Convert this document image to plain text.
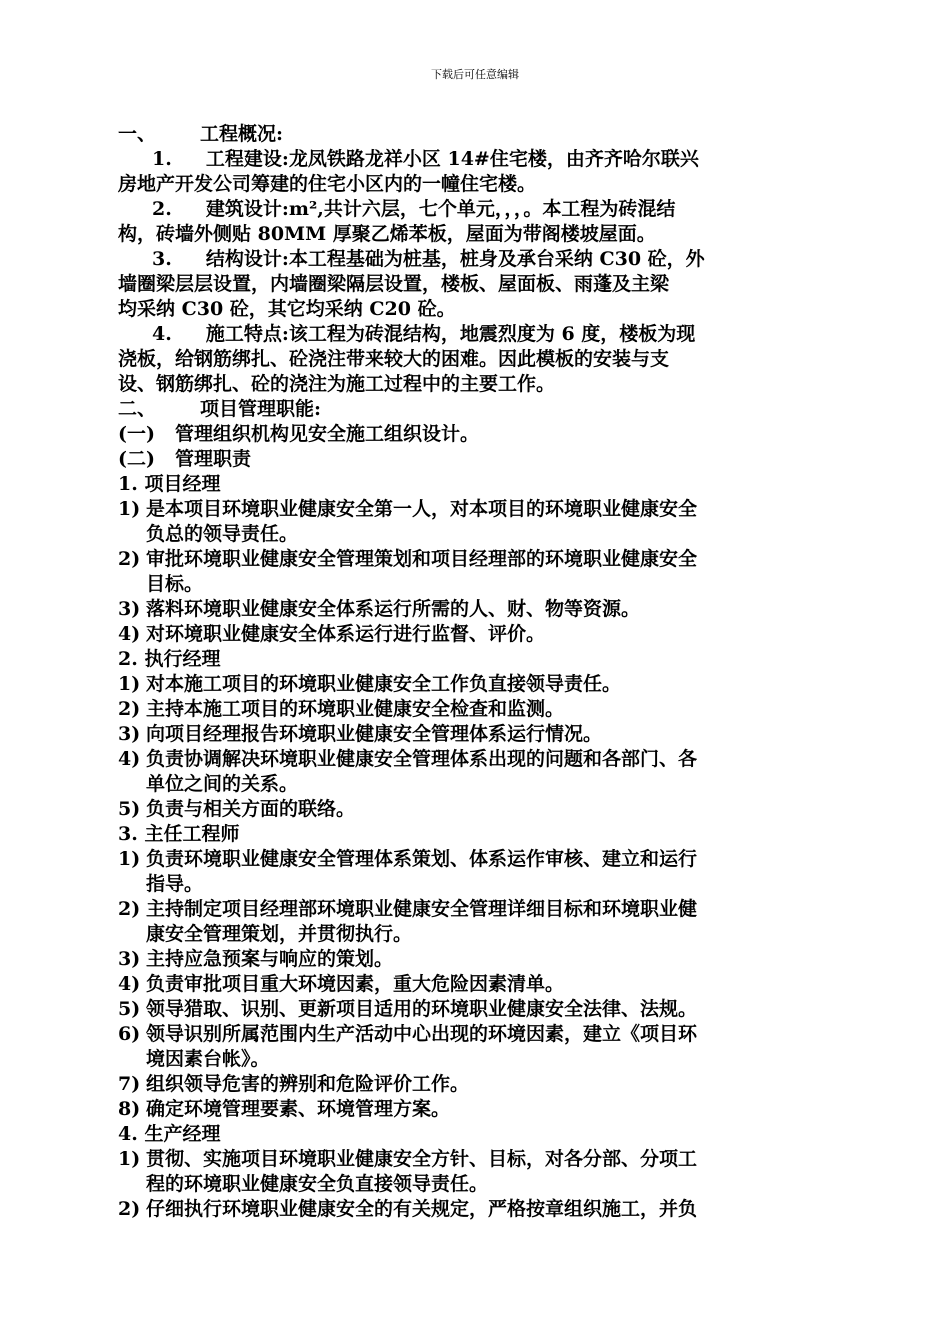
下载后可任意编辑

一、 工程概况:

1. 工程建设:龙凤铁路龙祥小区 14#住宅楼，由齐齐哈尔联兴

房地产开发公司筹建的住宅小区内的一幢住宅楼。

2. 建筑设计:m²,共计六层，七个单元，，，。本工程为砖混结

构，砖墙外侧贴 80MM 厚聚乙烯苯板，屋面为带阁楼坡屋面。

3. 结构设计:本工程基础为桩基，桩身及承台采纳 C30 砼，外

墙圈梁层层设置，内墙圈梁隔层设置，楼板、屋面板、雨蓬及主梁

均采纳 C30 砼，其它均采纳 C20 砼。

4. 施工特点:该工程为砖混结构，地震烈度为 6 度，楼板为现

浇板，给钢筋绑扎、砼浇注带来较大的困难。因此模板的安装与支

设、钢筋绑扎、砼的浇注为施工过程中的主要工作。

二、 项目管理职能:

(一) 管理组织机构见安全施工组织设计。

(二) 管理职责

1. 项目经理

1) 是本项目环境职业健康安全第一人，对本项目的环境职业健康安全
负总的领导责任。
2) 审批环境职业健康安全管理策划和项目经理部的环境职业健康安全
目标。
3) 落料环境职业健康安全体系运行所需的人、财、物等资源。
4) 对环境职业健康安全体系运行进行监督、评价。

2. 执行经理

1) 对本施工项目的环境职业健康安全工作负直接领导责任。
2) 主持本施工项目的环境职业健康安全检查和监测。
3) 向项目经理报告环境职业健康安全管理体系运行情况。
4) 负责协调解决环境职业健康安全管理体系出现的问题和各部门、各
单位之间的关系。
5) 负责与相关方面的联络。

3. 主任工程师

1) 负责环境职业健康安全管理体系策划、体系运作审核、建立和运行
指导。
2) 主持制定项目经理部环境职业健康安全管理详细目标和环境职业健
康安全管理策划，并贯彻执行。
3) 主持应急预案与响应的策划。
4) 负责审批项目重大环境因素，重大危险因素清单。
5) 领导猎取、识别、更新项目适用的环境职业健康安全法律、法规。
6) 领导识别所属范围内生产活动中心出现的环境因素，建立《项目环
境因素台帐》。
7) 组织领导危害的辨别和危险评价工作。
8) 确定环境管理要素、环境管理方案。

4. 生产经理

1) 贯彻、实施项目环境职业健康安全方针、目标，对各分部、分项工
程的环境职业健康安全负直接领导责任。
2) 仔细执行环境职业健康安全的有关规定，严格按章组织施工，并负
